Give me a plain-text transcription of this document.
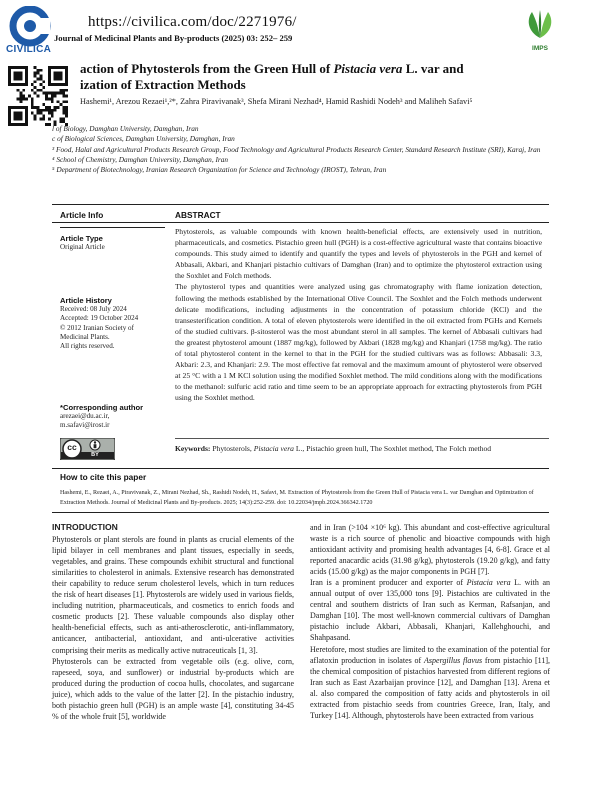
CIVILICA
https://civilica.com/doc/2271976/
Journal of Medicinal Plants and By-products (2025) 03: 252– 259
IMPS
action of Phytosterols from the Green Hull of Pistacia vera L. var and
ization of Extraction Methods
Hashemi¹, Arezou Rezaei¹,²*, Zahra Piravivanak³, Shefa Mirani Nezhad⁴, Hamid Rashidi Nodeh³ and Maliheh Safavi⁵
l of Biology, Damghan University, Damghan, Iran
c of Biological Sciences, Damghan University, Damghan, Iran
³ Food, Halal and Agricultural Products Research Group, Food Technology and Agricultural Products Research Center, Standard Research Institute (SRI), Karaj, Iran
⁴ School of Chemistry, Damghan University, Damghan, Iran
⁵ Department of Biotechnology, Iranian Research Organization for Science and Technology (IROST), Tehran, Iran
Article Info	ABSTRACT
Article Type
Original Article
Article History
Received: 08 July 2024
Accepted: 19 October 2024
© 2012 Iranian Society of
Medicinal Plants.
All rights reserved.
*Corresponding author
arezaei@du.ac.ir,
m.safavi@irost.ir

Phytosterols, as valuable compounds with known health-beneficial effects, are extensively used in nutrition, pharmaceuticals, and cosmetics. Pistachio green hull (PGH) is a cost-effective agricultural waste that contains bioactive compounds. This study aimed to identify and quantify the types and levels of phytosterols in the PGH and kernel of Abbasali, Akbari, and Khanjari pistachio cultivars of Damghan (Iran) and to optimize the phytosterol extraction using the Soxhlet and Folch methods.

The phytosterol types and quantities were analyzed using gas chromatography with flame ionization detection, following the methods established by the International Olive Council. The Soxhlet and the Folch methods underwent delicate modifications, including adjustments in the concentration of potassium chloride (KCl) and the transesterification condition. A total of eleven phytosterols were identified in the oil extracted from PGHs and Kernels of the studied cultivars. β-sitosterol was the most abundant sterol in all samples. The kernel of Abbasali cultivars had the greatest phytosterol amount (1887 mg/kg), followed by Akbari (1828 mg/kg) and Khanjari (1758 mg/kg). The ratio of total phytosterol content in the kernel to that in the PGH for the studied cultivars was as follows: Abbasali: 3.3, Akbari: 2.3, and Khanjari: 2.9. The most effective fat removal and the maximum amount of phytosterol were observed at 25 °C with a 1 M KCl solution using the modified Soxhlet method. The mild conditions along with the modifications to the methanol: sulfuric acid ratio and time seem to be an appropriate approach for extracting phytosterols from PGH using the Soxhlet method.

Keywords: Phytosterols, Pistacia vera L., Pistachio green hull, The Soxhlet method, The Folch method
cc
BY
How to cite this paper
Hashemi, E., Rezaei, A., Piravivanak, Z., Mirani Nezhad, Sh., Rashidi Nodeh, H., Safavi, M. Extraction of Phytosterols from the Green Hull of Pistacia vera L. var Damghan and Optimization of Extraction Methods. Journal of Medicinal Plants and By-products. 2025; 14(3):252-259. doi: 10.22034/jmpb.2024.366342.1720
INTRODUCTION

Phytosterols or plant sterols are found in plants as crucial elements of the lipid bilayer in cell membranes and plant tissues, especially in seeds, vegetables, and grains. These compounds exhibit structural and functional similarities to cholesterol in animals. Extensive research has demonstrated their capability to reduce serum cholesterol levels, which in turn reduces the risk of heart diseases [1]. Phytosterols are widely used in various fields, including nutrition, pharmaceuticals, and cosmetics to enrich foods and cosmetic products [2]. These valuable compounds also display other health-beneficial effects, such as anti-atherosclerotic, anti-inflammatory, anticancer, antibacterial, antioxidant, and anti-ulcerative activities comprising their merits as medically active nutraceuticals [1, 3].

Phytosterols can be extracted from vegetable oils (e.g. olive, corn, rapeseed, soya, and sunflower) or industrial by-products which are produced during the production of cocoa hulls, chocolates, and sugarcane juice), which adds to the value of the latter [2]. In the pistachio industry, both pistachio green hull (PGH) is an ample waste [4], constituting 34-45 % of the whole fruit [5], worldwide

and in Iran (>104 ×10⁶ kg). This abundant and cost-effective agricultural waste is a rich source of phenolic and bioactive compounds with high antioxidant activity and promising health advantages [4, 6-8]. Grace et al reported anacardic acids (31.98 g/kg), phytosterols (19.20 g/kg), and fatty acids (15.00 g/kg) as the major components in PGH [7].

Iran is a prominent producer and exporter of Pistacia vera L. with an annual output of over 135,000 tons [9]. Pistachios are cultivated in the central and southern districts of Iran such as Kerman, Rafsanjan, and Damghan [10]. The most well-known commercial cultivars of Damghan pistachio include Akbari, Abbasali, Khanjari, Kallehghouchi, and Shahpasand.

Heretofore, most studies are limited to the examination of the potential for aflatoxin production in isolates of Aspergillus flavus from pistachio [11], the chemical composition of pistachios harvested from different regions of Iran such as East Azarbaijan province [12], and Damghan [13]. Arena et al. also compared the composition of fatty acids and phytosterols in oil extracted from pistachio seeds from countries Greece, Iran, Italy, and Turkey [14]. Although, phytosterols have been extracted from various
